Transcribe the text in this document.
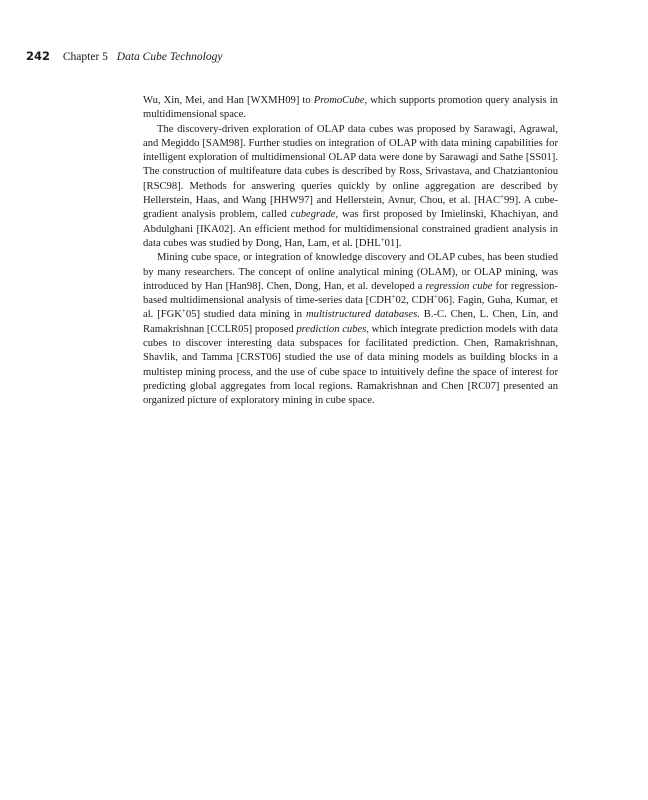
242 Chapter 5 Data Cube Technology

Wu, Xin, Mei, and Han [WXMH09] to PromoCube, which supports promotion query analysis in multidimensional space.

The discovery-driven exploration of OLAP data cubes was proposed by Sarawagi, Agrawal, and Megiddo [SAM98]. Further studies on integration of OLAP with data mining capabilities for intelligent exploration of multidimensional OLAP data were done by Sarawagi and Sathe [SS01]. The construction of multifeature data cubes is described by Ross, Srivastava, and Chatziantoniou [RSC98]. Methods for answering queries quickly by online aggregation are described by Hellerstein, Haas, and Wang [HHW97] and Hellerstein, Avnur, Chou, et al. [HAC+99]. A cube-gradient analysis problem, called cubegrade, was first proposed by Imielinski, Khachiyan, and Abdulghani [IKA02]. An efficient method for multidimensional constrained gradient analysis in data cubes was studied by Dong, Han, Lam, et al. [DHL+01].

Mining cube space, or integration of knowledge discovery and OLAP cubes, has been studied by many researchers. The concept of online analytical mining (OLAM), or OLAP mining, was introduced by Han [Han98]. Chen, Dong, Han, et al. developed a regression cube for regression-based multidimensional analysis of time-series data [CDH+02, CDH+06]. Fagin, Guha, Kumar, et al. [FGK+05] studied data mining in multistructured databases. B.-C. Chen, L. Chen, Lin, and Ramakrishnan [CCLR05] proposed prediction cubes, which integrate prediction models with data cubes to discover interesting data subspaces for facilitated prediction. Chen, Ramakrishnan, Shavlik, and Tamma [CRST06] studied the use of data mining models as building blocks in a multistep mining process, and the use of cube space to intuitively define the space of interest for predicting global aggregates from local regions. Ramakrishnan and Chen [RC07] presented an organized picture of exploratory mining in cube space.
